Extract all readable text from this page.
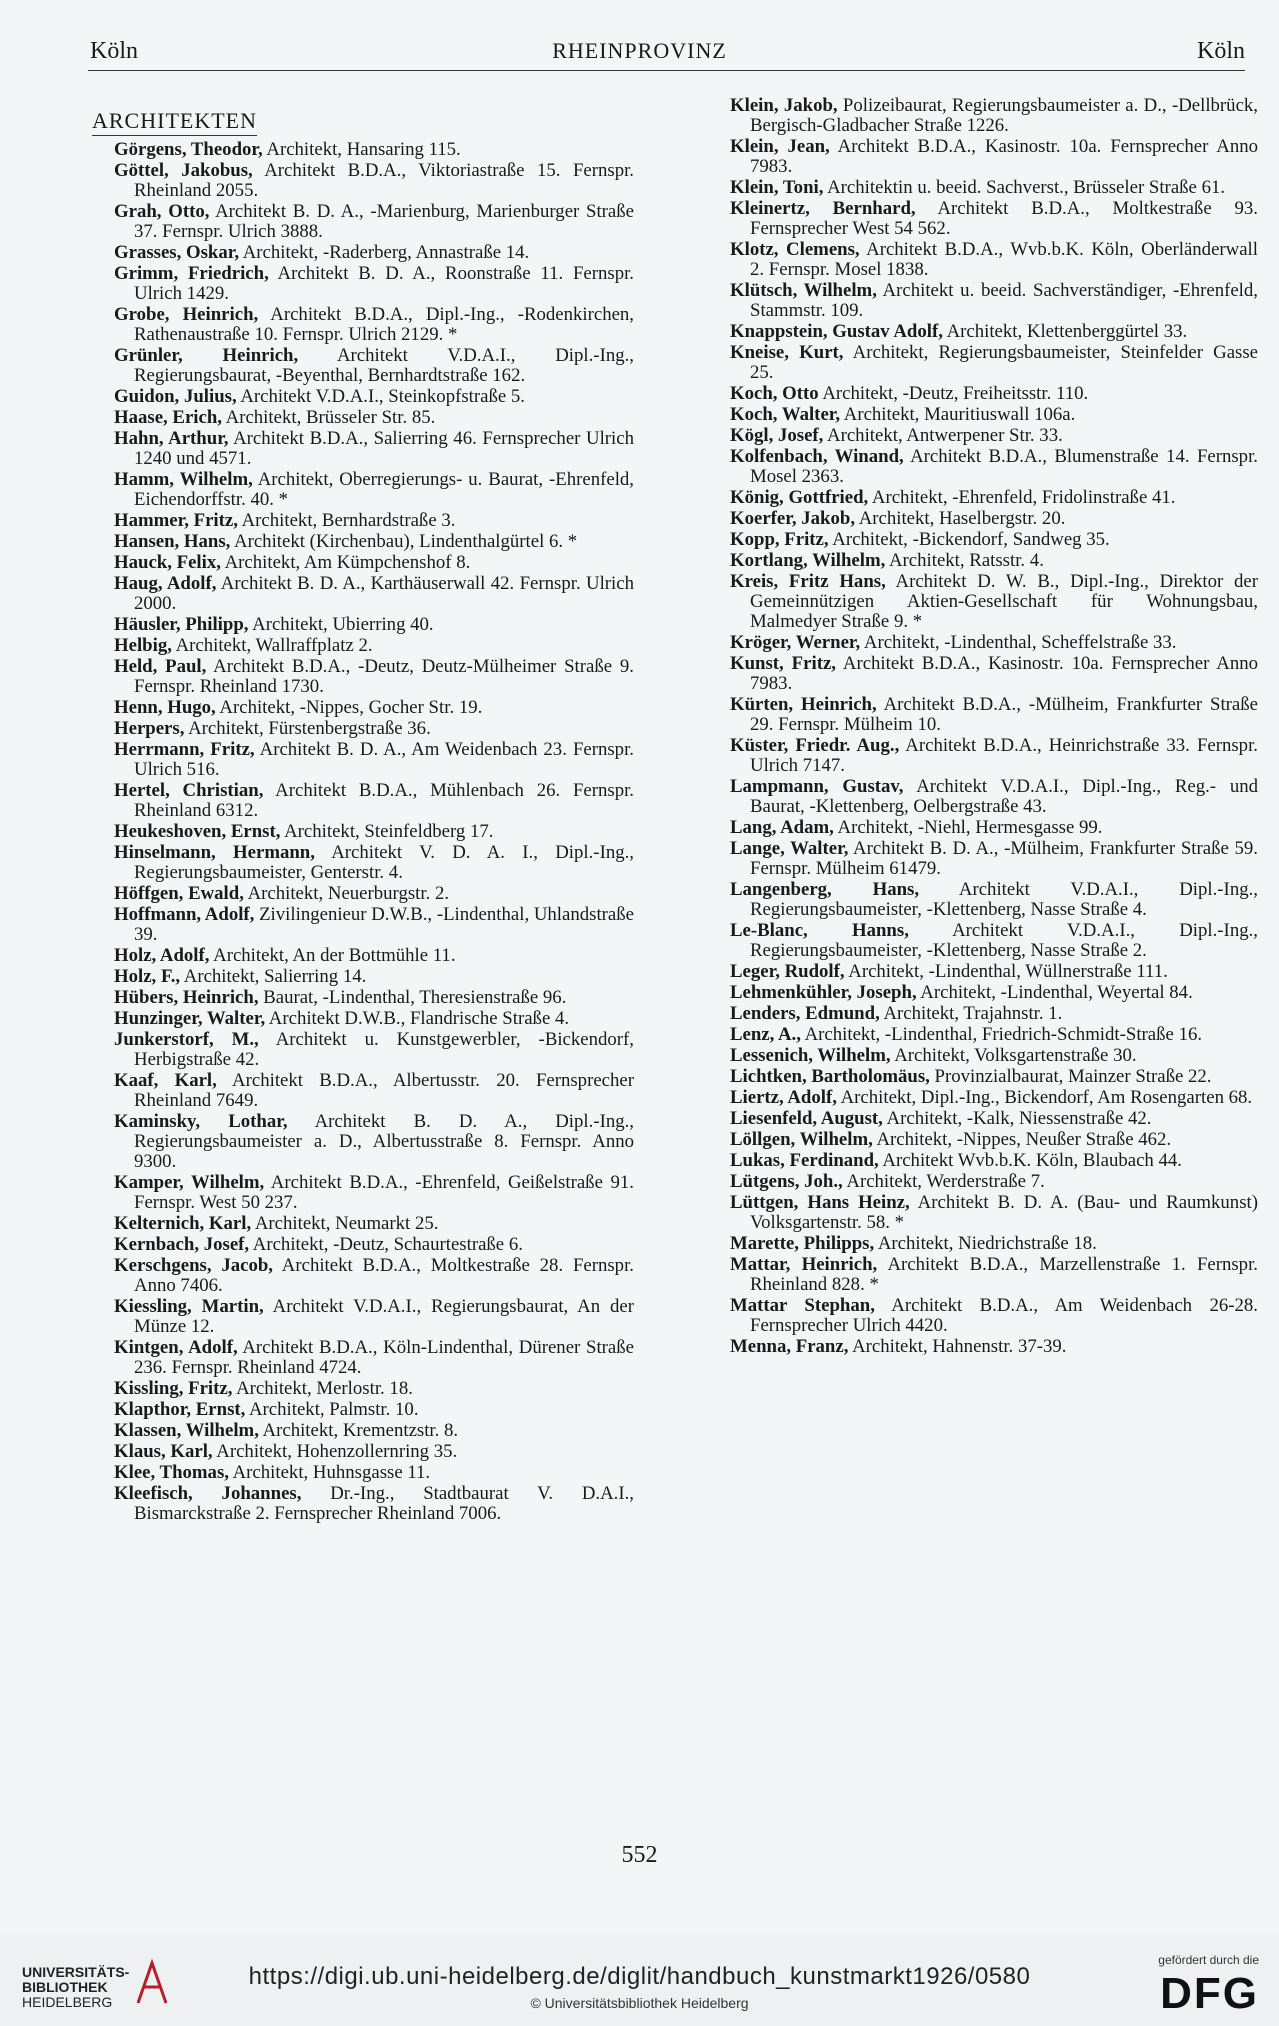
Köln	RHEINPROVINZ	Köln
ARCHITEKTEN
Görgens, Theodor, Architekt, Hansaring 115.
Göttel, Jakobus, Architekt B.D.A., Viktoriastraße 15. Fernspr. Rheinland 2055.
Grah, Otto, Architekt B. D. A., -Marienburg, Marienburger Straße 37. Fernspr. Ulrich 3888.
Grasses, Oskar, Architekt, -Raderberg, Annastraße 14.
Grimm, Friedrich, Architekt B. D. A., Roonstraße 11. Fernspr. Ulrich 1429.
Grobe, Heinrich, Architekt B.D.A., Dipl.-Ing., -Rodenkirchen, Rathenaustraße 10. Fernspr. Ulrich 2129. *
Grünler, Heinrich, Architekt V.D.A.I., Dipl.-Ing., Regierungsbaurat, -Beyenthal, Bernhardtstraße 162.
Guidon, Julius, Architekt V.D.A.I., Steinkopfstraße 5.
Haase, Erich, Architekt, Brüsseler Str. 85.
Hahn, Arthur, Architekt B.D.A., Salierring 46. Fernsprecher Ulrich 1240 und 4571.
Hamm, Wilhelm, Architekt, Oberregierungs- u. Baurat, -Ehrenfeld, Eichendorffstr. 40. *
Hammer, Fritz, Architekt, Bernhardstraße 3.
Hansen, Hans, Architekt (Kirchenbau), Lindenthalgürtel 6. *
Hauck, Felix, Architekt, Am Kümpchenshof 8.
Haug, Adolf, Architekt B. D. A., Karthäuserwall 42. Fernspr. Ulrich 2000.
Häusler, Philipp, Architekt, Ubierring 40.
Helbig, Architekt, Wallraffplatz 2.
Held, Paul, Architekt B.D.A., -Deutz, Deutz-Mülheimer Straße 9. Fernspr. Rheinland 1730.
Henn, Hugo, Architekt, -Nippes, Gocher Str. 19.
Herpers, Architekt, Fürstenbergstraße 36.
Herrmann, Fritz, Architekt B. D. A., Am Weidenbach 23. Fernspr. Ulrich 516.
Hertel, Christian, Architekt B.D.A., Mühlenbach 26. Fernspr. Rheinland 6312.
Heukeshoven, Ernst, Architekt, Steinfeldberg 17.
Hinselmann, Hermann, Architekt V. D. A. I., Dipl.-Ing., Regierungsbaumeister, Genterstr. 4.
Höffgen, Ewald, Architekt, Neuerburgstr. 2.
Hoffmann, Adolf, Zivilingenieur D.W.B., -Lindenthal, Uhlandstraße 39.
Holz, Adolf, Architekt, An der Bottmühle 11.
Holz, F., Architekt, Salierring 14.
Hübers, Heinrich, Baurat, -Lindenthal, Theresienstraße 96.
Hunzinger, Walter, Architekt D.W.B., Flandrische Straße 4.
Junkerstorf, M., Architekt u. Kunstgewerbler, -Bickendorf, Herbigstraße 42.
Kaaf, Karl, Architekt B.D.A., Albertusstr. 20. Fernsprecher Rheinland 7649.
Kaminsky, Lothar, Architekt B. D. A., Dipl.-Ing., Regierungsbaumeister a. D., Albertusstraße 8. Fernspr. Anno 9300.
Kamper, Wilhelm, Architekt B.D.A., -Ehrenfeld, Geißelstraße 91. Fernspr. West 50 237.
Kelternich, Karl, Architekt, Neumarkt 25.
Kernbach, Josef, Architekt, -Deutz, Schaurtestraße 6.
Kerschgens, Jacob, Architekt B.D.A., Moltkestraße 28. Fernspr. Anno 7406.
Kiessling, Martin, Architekt V.D.A.I., Regierungsbaurat, An der Münze 12.
Kintgen, Adolf, Architekt B.D.A., Köln-Lindenthal, Dürener Straße 236. Fernspr. Rheinland 4724.
Kissling, Fritz, Architekt, Merlostr. 18.
Klapthor, Ernst, Architekt, Palmstr. 10.
Klassen, Wilhelm, Architekt, Krementzstr. 8.
Klaus, Karl, Architekt, Hohenzollernring 35.
Klee, Thomas, Architekt, Huhnsgasse 11.
Kleefisch, Johannes, Dr.-Ing., Stadtbaurat V. D.A.I., Bismarckstraße 2. Fernsprecher Rheinland 7006.
Klein, Jakob, Polizeibaurat, Regierungsbaumeister a. D., -Dellbrück, Bergisch-Gladbacher Straße 1226.
Klein, Jean, Architekt B.D.A., Kasinostr. 10a. Fernsprecher Anno 7983.
Klein, Toni, Architektin u. beeid. Sachverst., Brüsseler Straße 61.
Kleinertz, Bernhard, Architekt B.D.A., Moltkestraße 93. Fernsprecher West 54 562.
Klotz, Clemens, Architekt B.D.A., Wvb.b.K. Köln, Oberländerwall 2. Fernspr. Mosel 1838.
Klütsch, Wilhelm, Architekt u. beeid. Sachverständiger, -Ehrenfeld, Stammstr. 109.
Knappstein, Gustav Adolf, Architekt, Klettenberggürtel 33.
Kneise, Kurt, Architekt, Regierungsbaumeister, Steinfelder Gasse 25.
Koch, Otto Architekt, -Deutz, Freiheitsstr. 110.
Koch, Walter, Architekt, Mauritiuswall 106a.
Kögl, Josef, Architekt, Antwerpener Str. 33.
Kolfenbach, Winand, Architekt B.D.A., Blumenstraße 14. Fernspr. Mosel 2363.
König, Gottfried, Architekt, -Ehrenfeld, Fridolinstraße 41.
Koerfer, Jakob, Architekt, Haselbergstr. 20.
Kopp, Fritz, Architekt, -Bickendorf, Sandweg 35.
Kortlang, Wilhelm, Architekt, Ratsstr. 4.
Kreis, Fritz Hans, Architekt D. W. B., Dipl.-Ing., Direktor der Gemeinnützigen Aktien-Gesellschaft für Wohnungsbau, Malmedyer Straße 9. *
Kröger, Werner, Architekt, -Lindenthal, Scheffelstraße 33.
Kunst, Fritz, Architekt B.D.A., Kasinostr. 10a. Fernsprecher Anno 7983.
Kürten, Heinrich, Architekt B.D.A., -Mülheim, Frankfurter Straße 29. Fernspr. Mülheim 10.
Küster, Friedr. Aug., Architekt B.D.A., Heinrichstraße 33. Fernspr. Ulrich 7147.
Lampmann, Gustav, Architekt V.D.A.I., Dipl.-Ing., Reg.- und Baurat, -Klettenberg, Oelbergstraße 43.
Lang, Adam, Architekt, -Niehl, Hermesgasse 99.
Lange, Walter, Architekt B. D. A., -Mülheim, Frankfurter Straße 59. Fernspr. Mülheim 61479.
Langenberg, Hans, Architekt V.D.A.I., Dipl.-Ing., Regierungsbaumeister, -Klettenberg, Nasse Straße 4.
Le-Blanc, Hanns, Architekt V.D.A.I., Dipl.-Ing., Regierungsbaumeister, -Klettenberg, Nasse Straße 2.
Leger, Rudolf, Architekt, -Lindenthal, Wüllnerstraße 111.
Lehmenkühler, Joseph, Architekt, -Lindenthal, Weyertal 84.
Lenders, Edmund, Architekt, Trajahnstr. 1.
Lenz, A., Architekt, -Lindenthal, Friedrich-Schmidt-Straße 16.
Lessenich, Wilhelm, Architekt, Volksgartenstraße 30.
Lichtken, Bartholomäus, Provinzialbaurat, Mainzer Straße 22.
Liertz, Adolf, Architekt, Dipl.-Ing., Bickendorf, Am Rosengarten 68.
Liesenfeld, August, Architekt, -Kalk, Niessenstraße 42.
Löllgen, Wilhelm, Architekt, -Nippes, Neußer Straße 462.
Lukas, Ferdinand, Architekt Wvb.b.K. Köln, Blaubach 44.
Lütgens, Joh., Architekt, Werderstraße 7.
Lüttgen, Hans Heinz, Architekt B. D. A. (Bau- und Raumkunst) Volksgartenstr. 58. *
Marette, Philipps, Architekt, Niedrichstraße 18.
Mattar, Heinrich, Architekt B.D.A., Marzellenstraße 1. Fernspr. Rheinland 828. *
Mattar Stephan, Architekt B.D.A., Am Weidenbach 26-28. Fernsprecher Ulrich 4420.
Menna, Franz, Architekt, Hahnenstr. 37-39.
552
UNIVERSITÄTS-
BIBLIOTHEK
HEIDELBERG
https://digi.ub.uni-heidelberg.de/diglit/handbuch_kunstmarkt1926/0580
© Universitätsbibliothek Heidelberg
gefördert durch die
DFG
